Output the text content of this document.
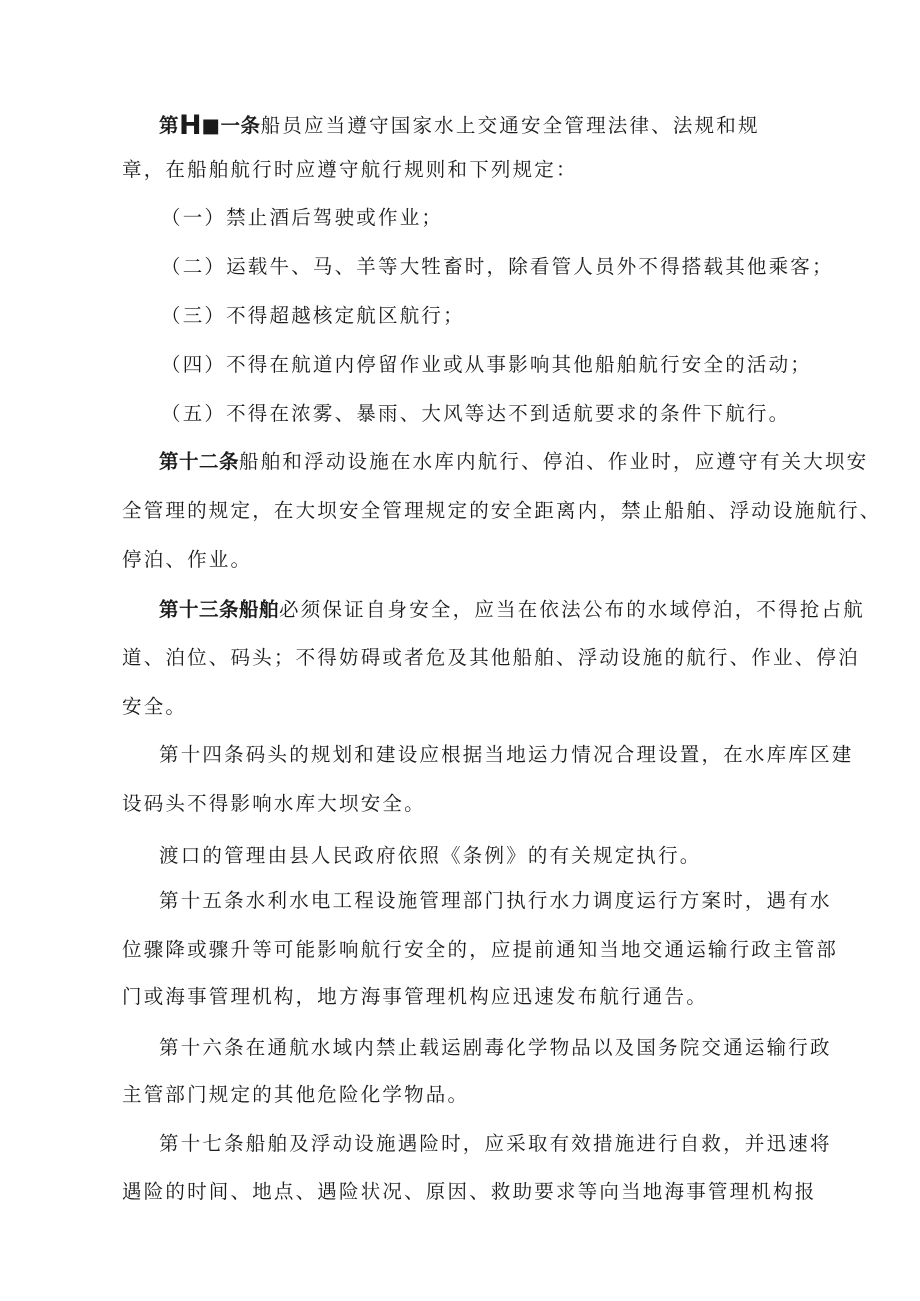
第H■一条船员应当遵守国家水上交通安全管理法律、法规和规
章，在船舶航行时应遵守航行规则和下列规定：
（一）禁止酒后驾驶或作业；
（二）运载牛、马、羊等大牲畜时，除看管人员外不得搭载其他乘客；
（三）不得超越核定航区航行；
（四）不得在航道内停留作业或从事影响其他船舶航行安全的活动；
（五）不得在浓雾、暴雨、大风等达不到适航要求的条件下航行。
第十二条船舶和浮动设施在水库内航行、停泊、作业时，应遵守有关大坝安
全管理的规定，在大坝安全管理规定的安全距离内，禁止船舶、浮动设施航行、
停泊、作业。
第十三条船舶必须保证自身安全，应当在依法公布的水域停泊，不得抢占航
道、泊位、码头；不得妨碍或者危及其他船舶、浮动设施的航行、作业、停泊
安全。
第十四条码头的规划和建设应根据当地运力情况合理设置，在水库库区建
设码头不得影响水库大坝安全。
渡口的管理由县人民政府依照《条例》的有关规定执行。
第十五条水利水电工程设施管理部门执行水力调度运行方案时，遇有水
位骤降或骤升等可能影响航行安全的，应提前通知当地交通运输行政主管部
门或海事管理机构，地方海事管理机构应迅速发布航行通告。
第十六条在通航水域内禁止载运剧毒化学物品以及国务院交通运输行政
主管部门规定的其他危险化学物品。
第十七条船舶及浮动设施遇险时，应采取有效措施进行自救，并迅速将
遇险的时间、地点、遇险状况、原因、救助要求等向当地海事管理机构报
